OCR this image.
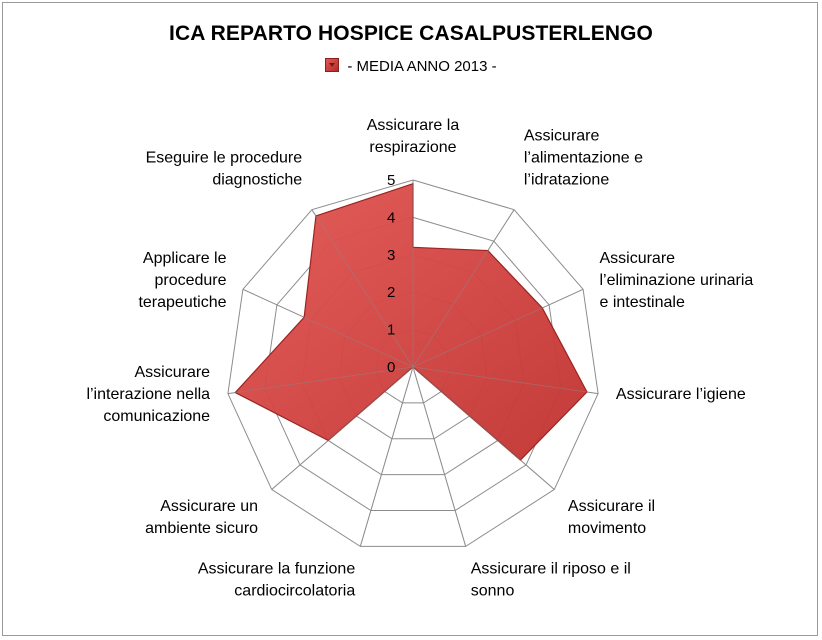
ICA REPARTO HOSPICE CASALPUSTERLENGO
- MEDIA ANNO 2013 -
0
1
2
3
4
5
Assicurare la
respirazione
Assicurare
l’alimentazione e
l’idratazione
Assicurare
l’eliminazione urinaria
e intestinale
Assicurare l’igiene
Assicurare il
movimento
Assicurare il riposo e il
sonno
Assicurare la funzione
cardiocircolatoria
Assicurare un
ambiente sicuro
Assicurare
l’interazione nella
comunicazione
Applicare le
procedure
terapeutiche
Eseguire le procedure
diagnostiche
